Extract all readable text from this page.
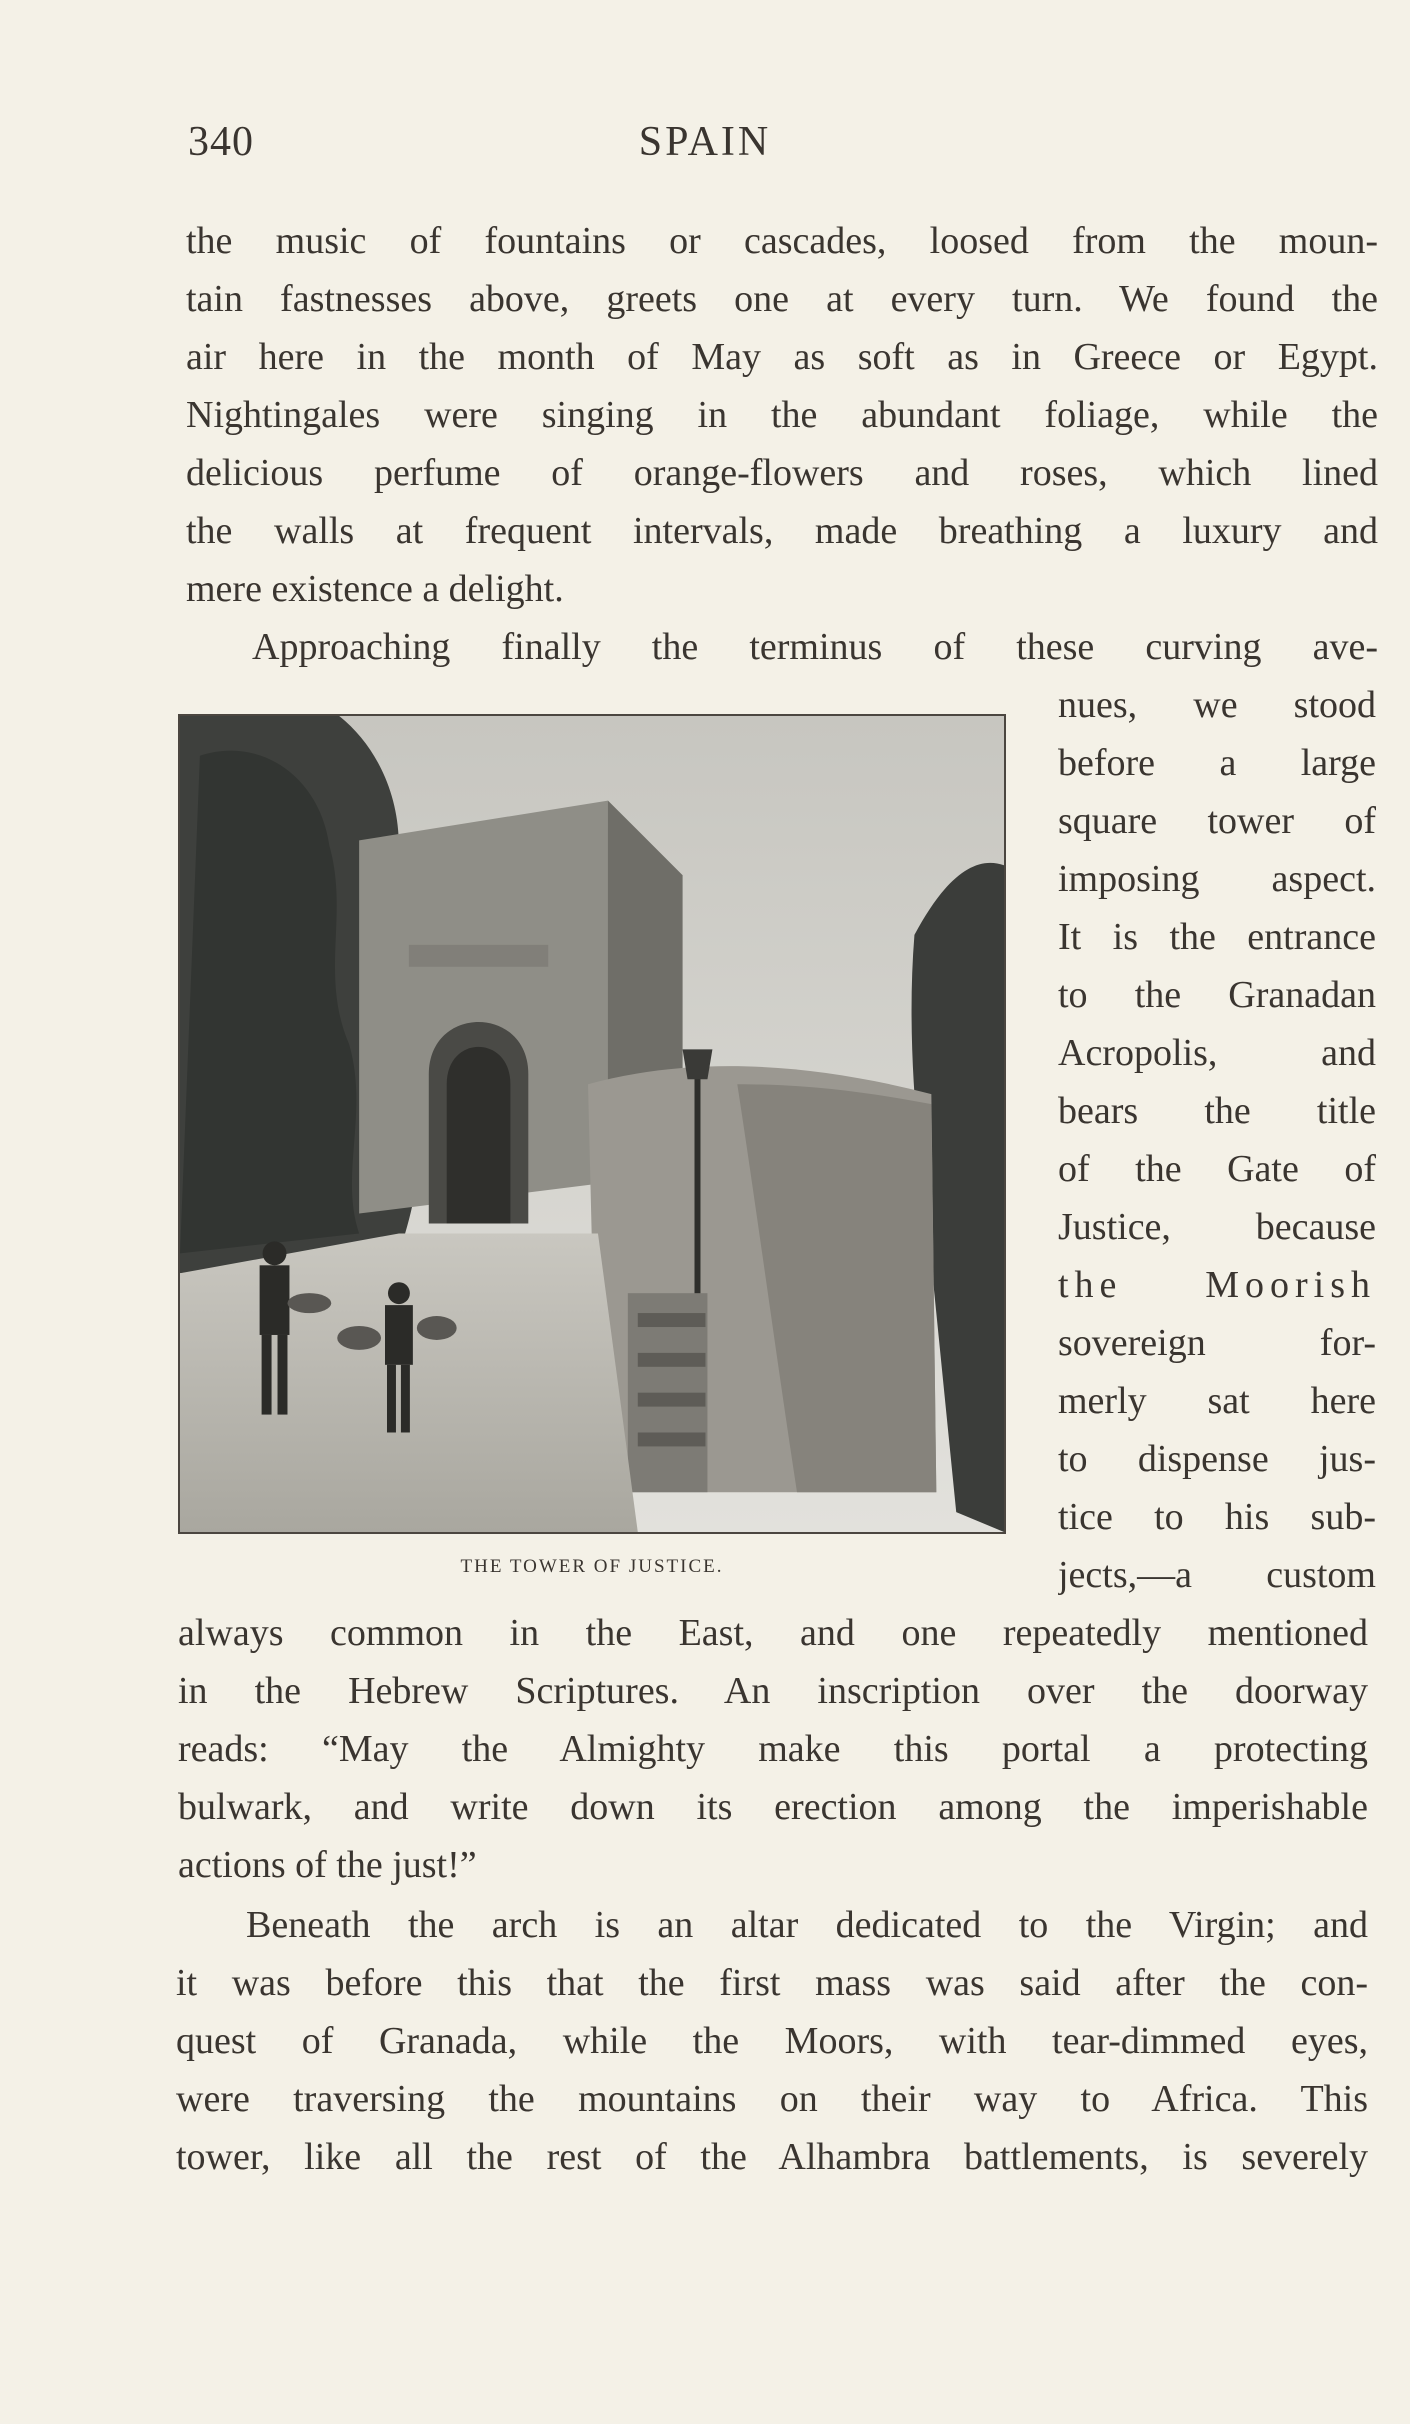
340	SPAIN
the music of fountains or cascades, loosed from the moun-
tain fastnesses above, greets one at every turn. We found the
air here in the month of May as soft as in Greece or Egypt.
Nightingales were singing in the abundant foliage, while the
delicious perfume of orange-flowers and roses, which lined
the walls at frequent intervals, made breathing a luxury and
mere existence a delight.
Approaching finally the terminus of these curving ave-
nues, we stood
before a large
square tower of
imposing aspect.
It is the entrance
to the Granadan
Acropolis, and
bears the title
of the Gate of
Justice, because
the Moorish
sovereign for-
merly sat here
to dispense jus-
tice to his sub-
jects,—a custom
always common in the East, and one repeatedly mentioned
in the Hebrew Scriptures. An inscription over the doorway
reads: “May the Almighty make this portal a protecting
bulwark, and write down its erection among the imperishable
actions of the just!”
Beneath the arch is an altar dedicated to the Virgin; and
it was before this that the first mass was said after the con-
quest of Granada, while the Moors, with tear-dimmed eyes,
were traversing the mountains on their way to Africa. This
tower, like all the rest of the Alhambra battlements, is severely
THE TOWER OF JUSTICE.
